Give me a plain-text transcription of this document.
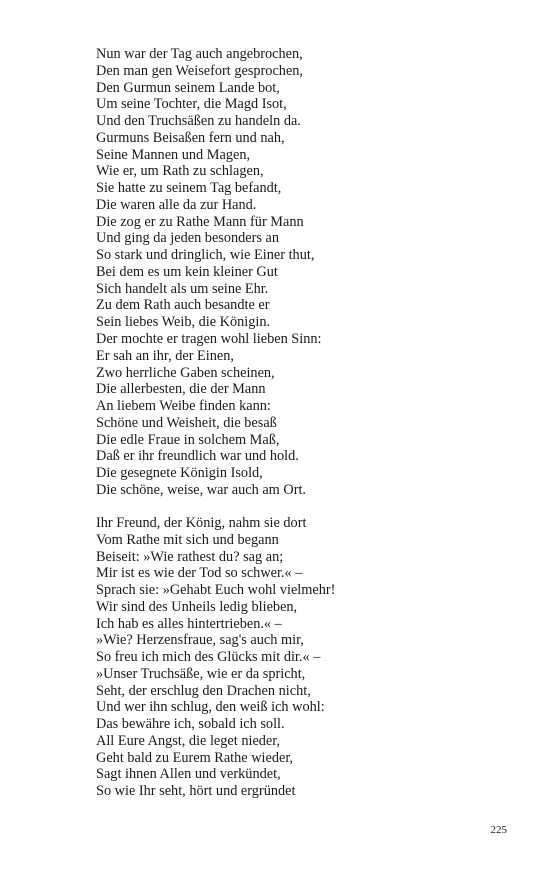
Nun war der Tag auch angebrochen,
Den man gen Weisefort gesprochen,
Den Gurmun seinem Lande bot,
Um seine Tochter, die Magd Isot,
Und den Truchsäßen zu handeln da.
Gurmuns Beisaßen fern und nah,
Seine Mannen und Magen,
Wie er, um Rath zu schlagen,
Sie hatte zu seinem Tag befandt,
Die waren alle da zur Hand.
Die zog er zu Rathe Mann für Mann
Und ging da jeden besonders an
So stark und dringlich, wie Einer thut,
Bei dem es um kein kleiner Gut
Sich handelt als um seine Ehr.
Zu dem Rath auch besandte er
Sein liebes Weib, die Königin.
Der mochte er tragen wohl lieben Sinn:
Er sah an ihr, der Einen,
Zwo herrliche Gaben scheinen,
Die allerbesten, die der Mann
An liebem Weibe finden kann:
Schöne und Weisheit, die besaß
Die edle Fraue in solchem Maß,
Daß er ihr freundlich war und hold.
Die gesegnete Königin Isold,
Die schöne, weise, war auch am Ort.
Ihr Freund, der König, nahm sie dort
Vom Rathe mit sich und begann
Beiseit: »Wie rathest du? sag an;
Mir ist es wie der Tod so schwer.« –
Sprach sie: »Gehabt Euch wohl vielmehr!
Wir sind des Unheils ledig blieben,
Ich hab es alles hintertrieben.« –
»Wie? Herzensfraue, sag's auch mir,
So freu ich mich des Glücks mit dir.« –
»Unser Truchsäße, wie er da spricht,
Seht, der erschlug den Drachen nicht,
Und wer ihn schlug, den weiß ich wohl:
Das bewähre ich, sobald ich soll.
All Eure Angst, die leget nieder,
Geht bald zu Eurem Rathe wieder,
Sagt ihnen Allen und verkündet,
So wie Ihr seht, hört und ergründet
225
